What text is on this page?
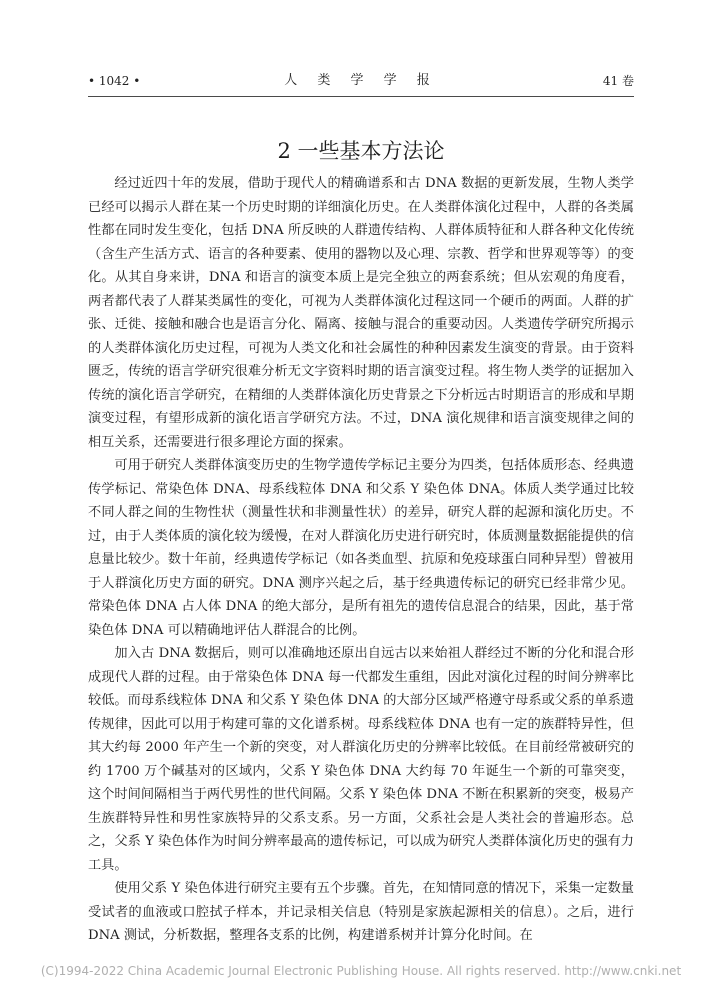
• 1042 •	人 类 学 学 报	41 卷
2 一些基本方法论

经过近四十年的发展，借助于现代人的精确谱系和古 DNA 数据的更新发展，生物人类学已经可以揭示人群在某一个历史时期的详细演化历史。在人类群体演化过程中，人群的各类属性都在同时发生变化，包括 DNA 所反映的人群遗传结构、人群体质特征和人群各种文化传统（含生产生活方式、语言的各种要素、使用的器物以及心理、宗教、哲学和世界观等等）的变化。从其自身来讲，DNA 和语言的演变本质上是完全独立的两套系统；但从宏观的角度看，两者都代表了人群某类属性的变化，可视为人类群体演化过程这同一个硬币的两面。人群的扩张、迁徙、接触和融合也是语言分化、隔离、接触与混合的重要动因。人类遗传学研究所揭示的人类群体演化历史过程，可视为人类文化和社会属性的种种因素发生演变的背景。由于资料匮乏，传统的语言学研究很难分析无文字资料时期的语言演变过程。将生物人类学的证据加入传统的演化语言学研究，在精细的人类群体演化历史背景之下分析远古时期语言的形成和早期演变过程，有望形成新的演化语言学研究方法。不过，DNA 演化规律和语言演变规律之间的相互关系，还需要进行很多理论方面的探索。

可用于研究人类群体演变历史的生物学遗传学标记主要分为四类，包括体质形态、经典遗传学标记、常染色体 DNA、母系线粒体 DNA 和父系 Y 染色体 DNA。体质人类学通过比较不同人群之间的生物性状（测量性状和非测量性状）的差异，研究人群的起源和演化历史。不过，由于人类体质的演化较为缓慢，在对人群演化历史进行研究时，体质测量数据能提供的信息量比较少。数十年前，经典遗传学标记（如各类血型、抗原和免疫球蛋白同种异型）曾被用于人群演化历史方面的研究。DNA 测序兴起之后，基于经典遗传标记的研究已经非常少见。常染色体 DNA 占人体 DNA 的绝大部分，是所有祖先的遗传信息混合的结果，因此，基于常染色体 DNA 可以精确地评估人群混合的比例。

加入古 DNA 数据后，则可以准确地还原出自远古以来始祖人群经过不断的分化和混合形成现代人群的过程。由于常染色体 DNA 每一代都发生重组，因此对演化过程的时间分辨率比较低。而母系线粒体 DNA 和父系 Y 染色体 DNA 的大部分区域严格遵守母系或父系的单系遗传规律，因此可以用于构建可靠的文化谱系树。母系线粒体 DNA 也有一定的族群特异性，但其大约每 2000 年产生一个新的突变，对人群演化历史的分辨率比较低。在目前经常被研究的约 1700 万个碱基对的区域内，父系 Y 染色体 DNA 大约每 70 年诞生一个新的可靠突变，这个时间间隔相当于两代男性的世代间隔。父系 Y 染色体 DNA 不断在积累新的突变，极易产生族群特异性和男性家族特异的父系支系。另一方面，父系社会是人类社会的普遍形态。总之，父系 Y 染色体作为时间分辨率最高的遗传标记，可以成为研究人类群体演化历史的强有力工具。

使用父系 Y 染色体进行研究主要有五个步骤。首先，在知情同意的情况下，采集一定数量受试者的血液或口腔拭子样本，并记录相关信息（特别是家族起源相关的信息）。之后，进行 DNA 测试，分析数据，整理各支系的比例，构建谱系树并计算分化时间。在

(C)1994-2022 China Academic Journal Electronic Publishing House. All rights reserved. http://www.cnki.net
